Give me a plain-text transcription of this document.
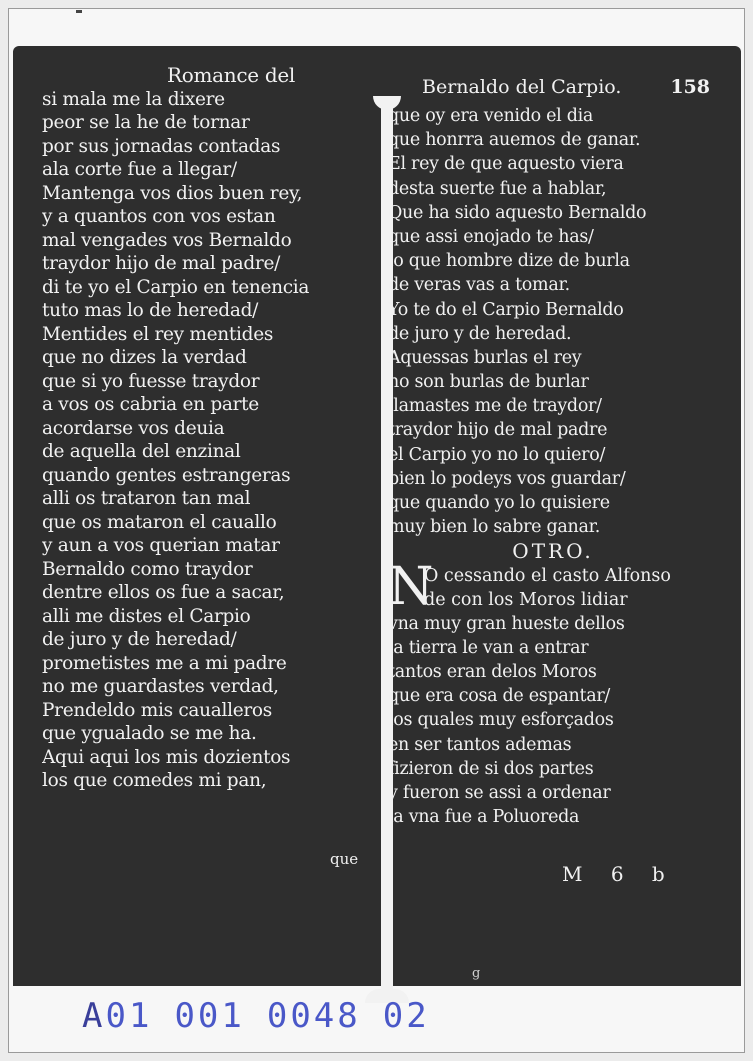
Romance del
si mala me la dixere
peor se la he de tornar
por sus jornadas contadas
ala corte fue a llegar/
Mantenga vos dios buen rey,
y a quantos con vos estan
mal vengades vos Bernaldo
traydor hijo de mal padre/
di te yo el Carpio en tenencia
tuto mas lo de heredad/
Mentides el rey mentides
que no dizes la verdad
que si yo fuesse traydor
a vos os cabria en parte
acordarse vos deuia
de aquella del enzinal
quando gentes estrangeras
alli os trataron tan mal
que os mataron el cauallo
y aun a vos querian matar
Bernaldo como traydor
dentre ellos os fue a sacar,
alli me distes el Carpio
de juro y de heredad/
prometistes me a mi padre
no me guardastes verdad,
Prendeldo mis caualleros
que ygualado se me ha.
Aqui aqui los mis dozientos
los que comedes mi pan,
que
Bernaldo del Carpio.	158
que oy era venido el dia
que honrra auemos de ganar.
El rey de que aquesto viera
desta suerte fue a hablar,
Que ha sido aquesto Bernaldo
que assi enojado te has/
lo que hombre dize de burla
de veras vas a tomar.
Yo te do el Carpio Bernaldo
de juro y de heredad.
Aquessas burlas el rey
no son burlas de burlar
llamastes me de traydor/
traydor hijo de mal padre
el Carpio yo no lo quiero/
bien lo podeys vos guardar/
que quando yo lo quisiere
muy bien lo sabre ganar.
OTRO.
N
O cessando el casto Alfonso
de con los Moros lidiar
vna muy gran hueste dellos
la tierra le van a entrar
tantos eran delos Moros
que era cosa de espantar/
los quales muy esforçados
en ser tantos ademas
fizieron de si dos partes
y fueron se assi a ordenar
la vna fue a Poluoreda
M 6 b
g
A01 001 0048 02
